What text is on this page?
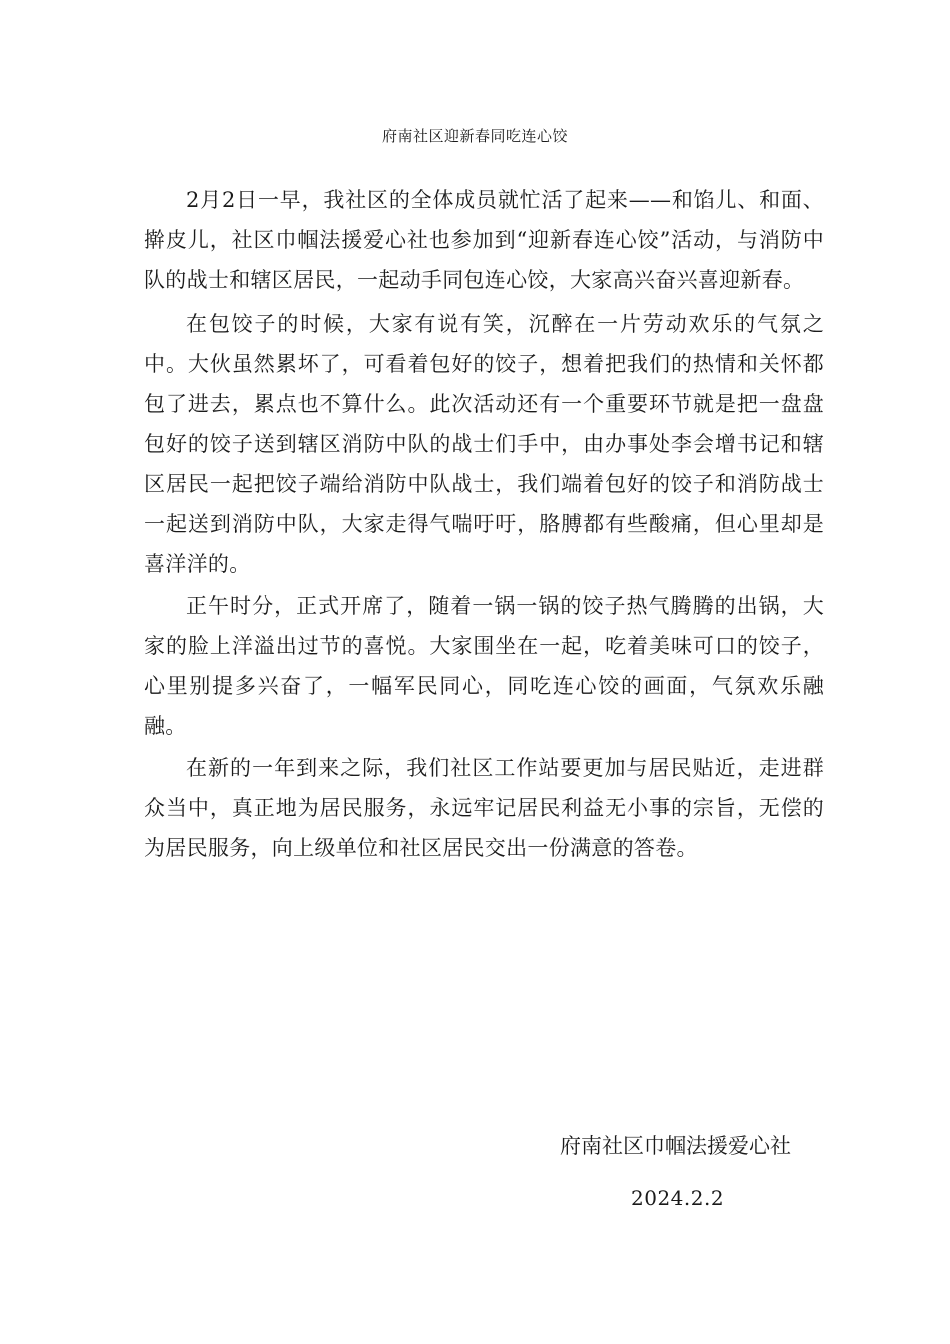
府南社区迎新春同吃连心饺

2月2日一早，我社区的全体成员就忙活了起来——和馅儿、和面、擀皮儿，社区巾帼法援爱心社也参加到“迎新春连心饺”活动，与消防中队的战士和辖区居民，一起动手同包连心饺，大家高兴奋兴喜迎新春。

在包饺子的时候，大家有说有笑，沉醉在一片劳动欢乐的气氛之中。大伙虽然累坏了，可看着包好的饺子，想着把我们的热情和关怀都包了进去，累点也不算什么。此次活动还有一个重要环节就是把一盘盘包好的饺子送到辖区消防中队的战士们手中，由办事处李会增书记和辖区居民一起把饺子端给消防中队战士，我们端着包好的饺子和消防战士一起送到消防中队，大家走得气喘吁吁，胳膊都有些酸痛，但心里却是喜洋洋的。

正午时分，正式开席了，随着一锅一锅的饺子热气腾腾的出锅，大家的脸上洋溢出过节的喜悦。大家围坐在一起，吃着美味可口的饺子，心里别提多兴奋了，一幅军民同心，同吃连心饺的画面，气氛欢乐融融。

在新的一年到来之际，我们社区工作站要更加与居民贴近，走进群众当中，真正地为居民服务，永远牢记居民利益无小事的宗旨，无偿的为居民服务，向上级单位和社区居民交出一份满意的答卷。

府南社区巾帼法援爱心社
2024.2.2
